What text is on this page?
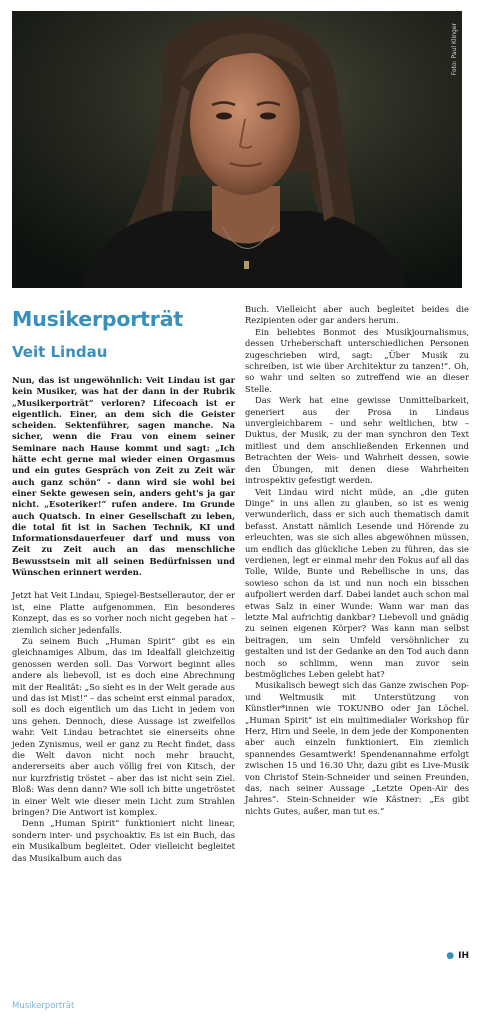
Foto: Paul Klinger
Musikerporträt
Veit Lindau

Nun, das ist ungewöhnlich: Veit Lindau ist gar kein Musiker, was hat der dann in der Rubrik „Musikerporträt“ verloren? Lifecoach ist er eigentlich. Einer, an dem sich die Geister scheiden. Sektenführer, sagen manche. Na sicher, wenn die Frau von einem seiner Seminare nach Hause kommt und sagt: „Ich hätte echt gerne mal wieder einen Orgasmus und ein gutes Gespräch von Zeit zu Zeit wär auch ganz schön“ - dann wird sie wohl bei einer Sekte gewesen sein, anders geht's ja gar nicht. „Esoteriker!“ rufen andere. Im Grunde auch Quatsch. In einer Gesellschaft zu leben, die total fit ist in Sachen Technik, KI und Informationsdauerfeuer darf und muss von Zeit zu Zeit auch an das menschliche Bewusstsein mit all seinen Bedürfnissen und Wünschen erinnert werden.

Jetzt hat Veit Lindau, Spiegel-Bestsellerautor, der er ist, eine Platte aufgenommen. Ein besonderes Konzept, das es so vorher noch nicht gegeben hat – ziemlich sicher jedenfalls.

Zu seinem Buch „Human Spirit“ gibt es ein gleichnamiges Album, das im Idealfall gleichzeitig genossen werden soll. Das Vorwort beginnt alles andere als liebevoll, ist es doch eine Abrechnung mit der Realität: „So sieht es in der Welt gerade aus und das ist Mist!“ – das scheint erst einmal paradox, soll es doch eigentlich um das Licht in jedem von uns gehen. Dennoch, diese Aussage ist zweifellos wahr. Veit Lindau betrachtet sie einerseits ohne jeden Zynismus, weil er ganz zu Recht findet, dass die Welt davon nicht noch mehr braucht, andererseits aber auch völlig frei von Kitsch, der nur kurzfristig tröstet – aber das ist nicht sein Ziel. Bloß: Was denn dann? Wie soll ich bitte ungetröstet in einer Welt wie dieser mein Licht zum Strahlen bringen? Die Antwort ist komplex.

Denn „Human Spirit“ funktioniert nicht linear, sondern inter- und psychoaktiv. Es ist ein Buch, das ein Musikalbum begleitet. Oder vielleicht begleitet das Musikalbum auch das

Buch. Vielleicht aber auch begleitet beides die Rezipienten oder gar anders herum.

Ein beliebtes Bonmot des Musikjournalismus, dessen Urheberschaft unterschiedlichen Personen zugeschrieben wird, sagt: „Über Musik zu schreiben, ist wie über Architektur zu tanzen!“. Oh, so wahr und selten so zutreffend wie an dieser Stelle.

Das Werk hat eine gewisse Unmittelbarkeit, generiert aus der Prosa in Lindaus unvergleichbarem – und sehr weltlichen, btw – Duktus, der Musik, zu der man synchron den Text mitliest und dem anschließenden Erkennen und Betrachten der Weis- und Wahrheit dessen, sowie den Übungen, mit denen diese Wahrheiten introspektiv gefestigt werden.

Veit Lindau wird nicht müde, an „die guten Dinge“ in uns allen zu glauben, so ist es wenig verwunderlich, dass er sich auch thematisch damit befasst. Anstatt nämlich Lesende und Hörende zu erleuchten, was sie sich alles abgewöhnen müssen, um endlich das glückliche Leben zu führen, das sie verdienen, legt er einmal mehr den Fokus auf all das Tolle, Wilde, Bunte und Rebellische in uns, das sowieso schon da ist und nun noch ein bisschen aufpoliert werden darf. Dabei landet auch schon mal etwas Salz in einer Wunde: Wann war man das letzte Mal aufrichtig dankbar? Liebevoll und gnädig zu seinen eigenen Körper? Was kann man selbst beitragen, um sein Umfeld versöhnlicher zu gestalten und ist der Gedanke an den Tod auch dann noch so schlimm, wenn man zuvor sein bestmögliches Leben gelebt hat?

Musikalisch bewegt sich das Ganze zwischen Pop- und Weltmusik mit Unterstützung von Künstler*innen wie TOKUNBO oder Jan Löchel. „Human Spirit“ ist ein multimedialer Workshop für Herz, Hirn und Seele, in dem jede der Komponenten aber auch einzeln funktioniert. Ein ziemlich spannendes Gesamtwerk! Spendenannahme erfolgt zwischen 15 und 16.30 Uhr, dazu gibt es Live-Musik von Christof Stein-Schneider und seinen Freunden, das, nach seiner Aussage „Letzte Open-Air des Jahres“. Stein-Schneider wie Kästner: „Es gibt nichts Gutes, außer, man tut es.“

● IH
Musikerporträt
